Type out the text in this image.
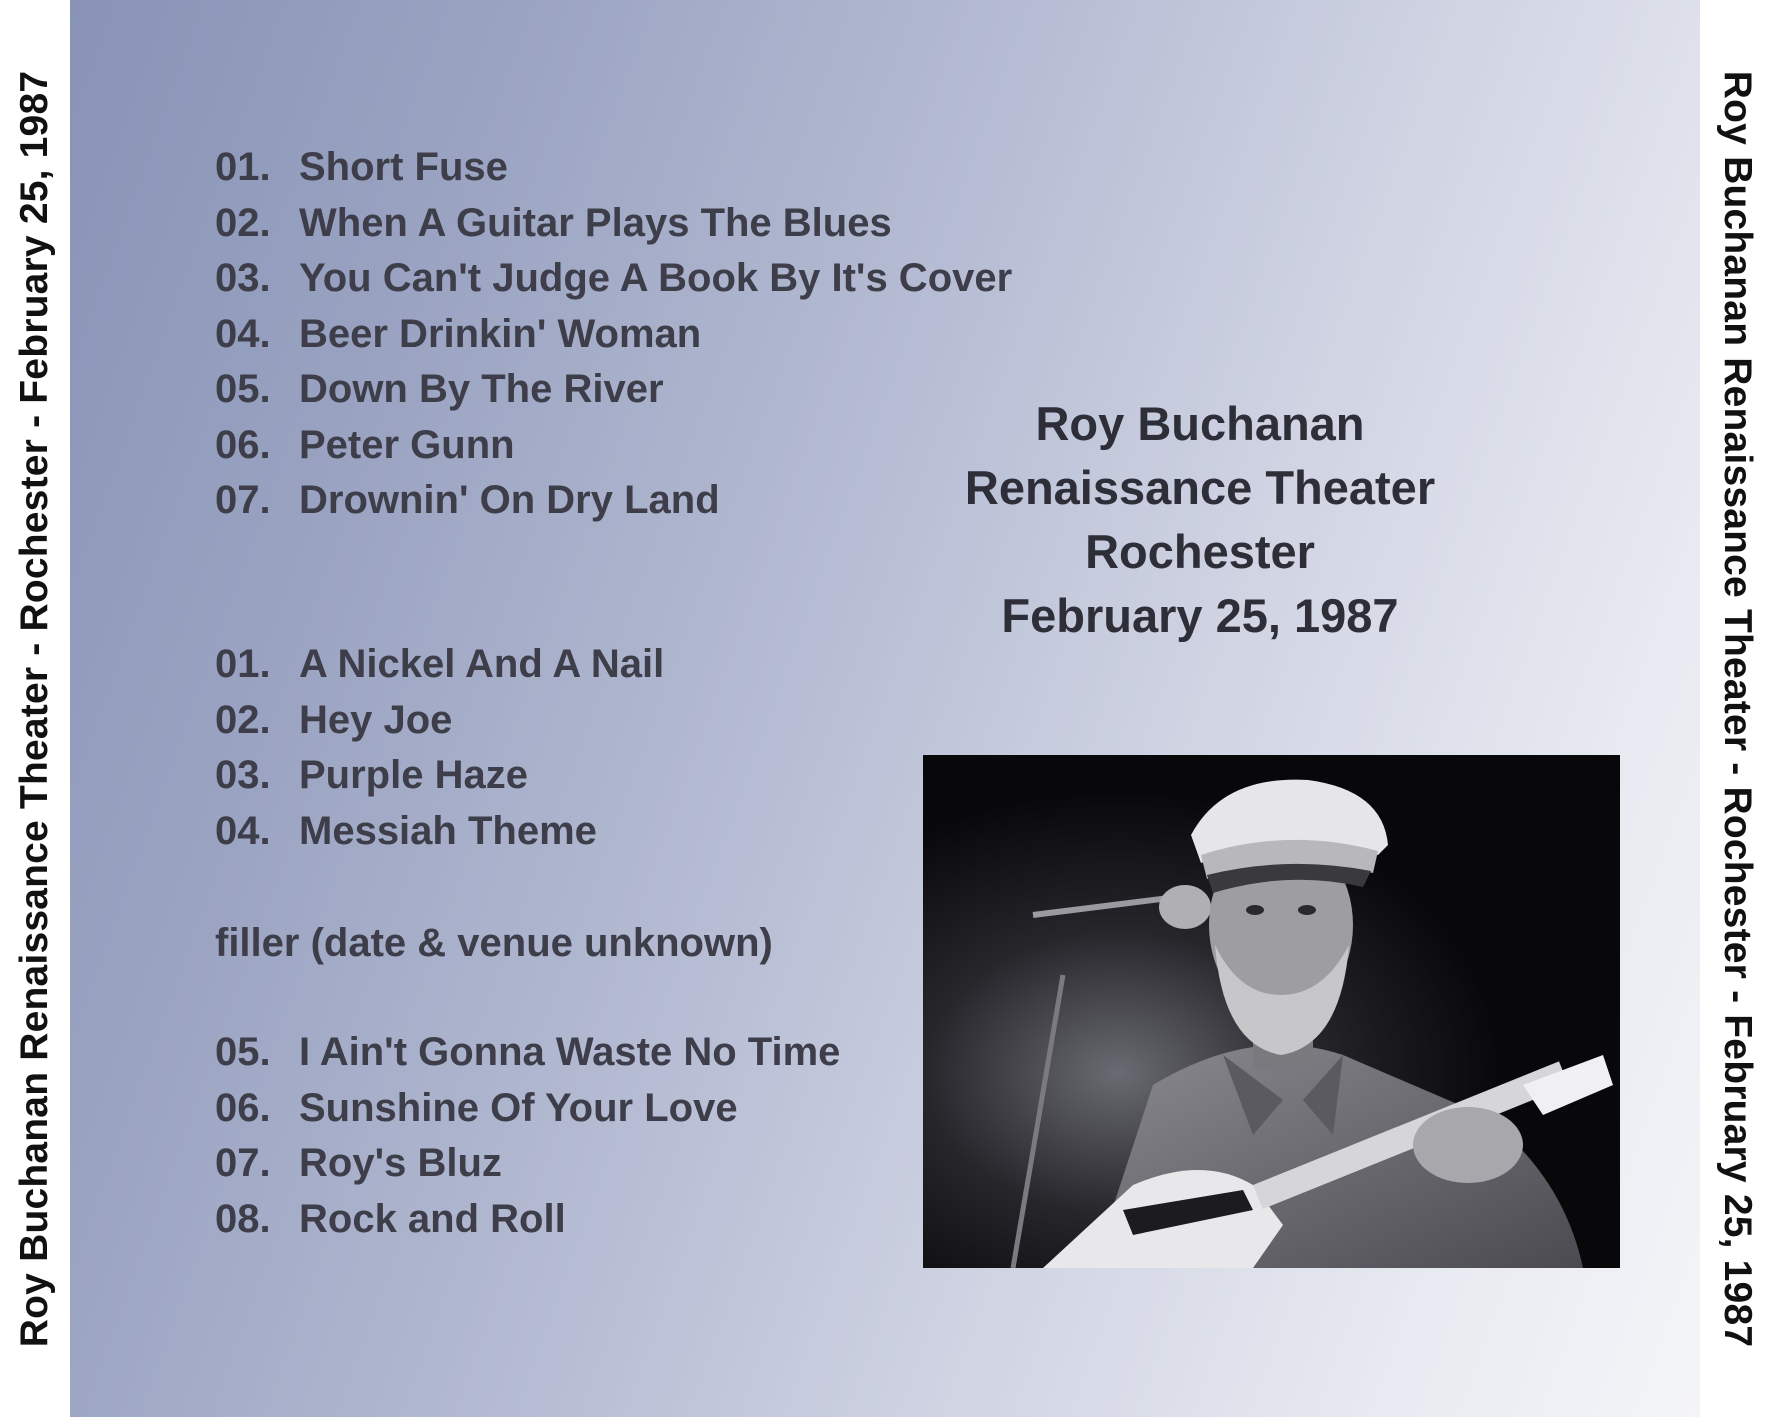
Roy Buchanan Renaissance Theater - Rochester - February 25, 1987	01. Short Fuse
02. When A Guitar Plays The Blues
03. You Can't Judge A Book By It's Cover
04. Beer Drinkin' Woman
05. Down By The River
06. Peter Gunn
07. Drownin' On Dry Land
01. A Nickel And A Nail
02. Hey Joe
03. Purple Haze
04. Messiah Theme
filler (date & venue unknown)
05. I Ain't Gonna Waste No Time
06. Sunshine Of Your Love
07. Roy's Bluz
08. Rock and Roll
Roy Buchanan
Renaissance Theater
Rochester
February 25, 1987	Roy Buchanan Renaissance Theater - Rochester - February 25, 1987
